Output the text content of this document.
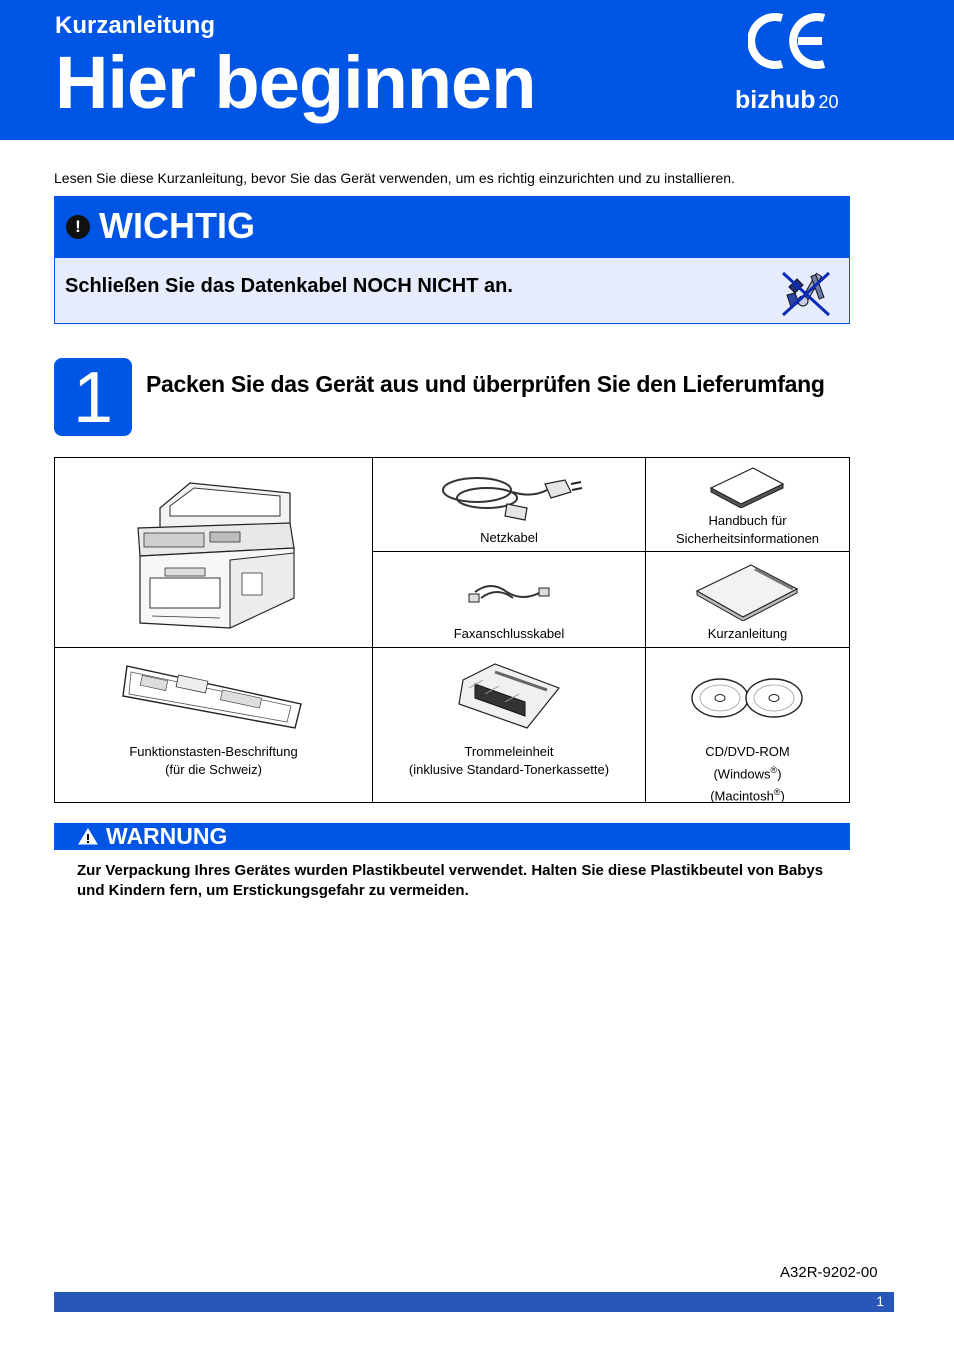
Kurzanleitung
Hier beginnen	bizhub 20
Lesen Sie diese Kurzanleitung, bevor Sie das Gerät verwenden, um es richtig einzurichten und zu installieren.
! WICHTIG
Schließen Sie das Datenkabel NOCH NICHT an.
1	Packen Sie das Gerät aus und überprüfen Sie den Lieferumfang
Netzkabel
Handbuch für
Sicherheitsinformationen
Faxanschlusskabel	Kurzanleitung
Funktionstasten-Beschriftung
(für die Schweiz)
Trommeleinheit
(inklusive Standard-Tonerkassette)
CD/DVD-ROM
(Windows®)
(Macintosh®)
WARNUNG
Zur Verpackung Ihres Gerätes wurden Plastikbeutel verwendet. Halten Sie diese Plastikbeutel von Babys und Kindern fern, um Erstickungsgefahr zu vermeiden.
A32R-9202-00
1
